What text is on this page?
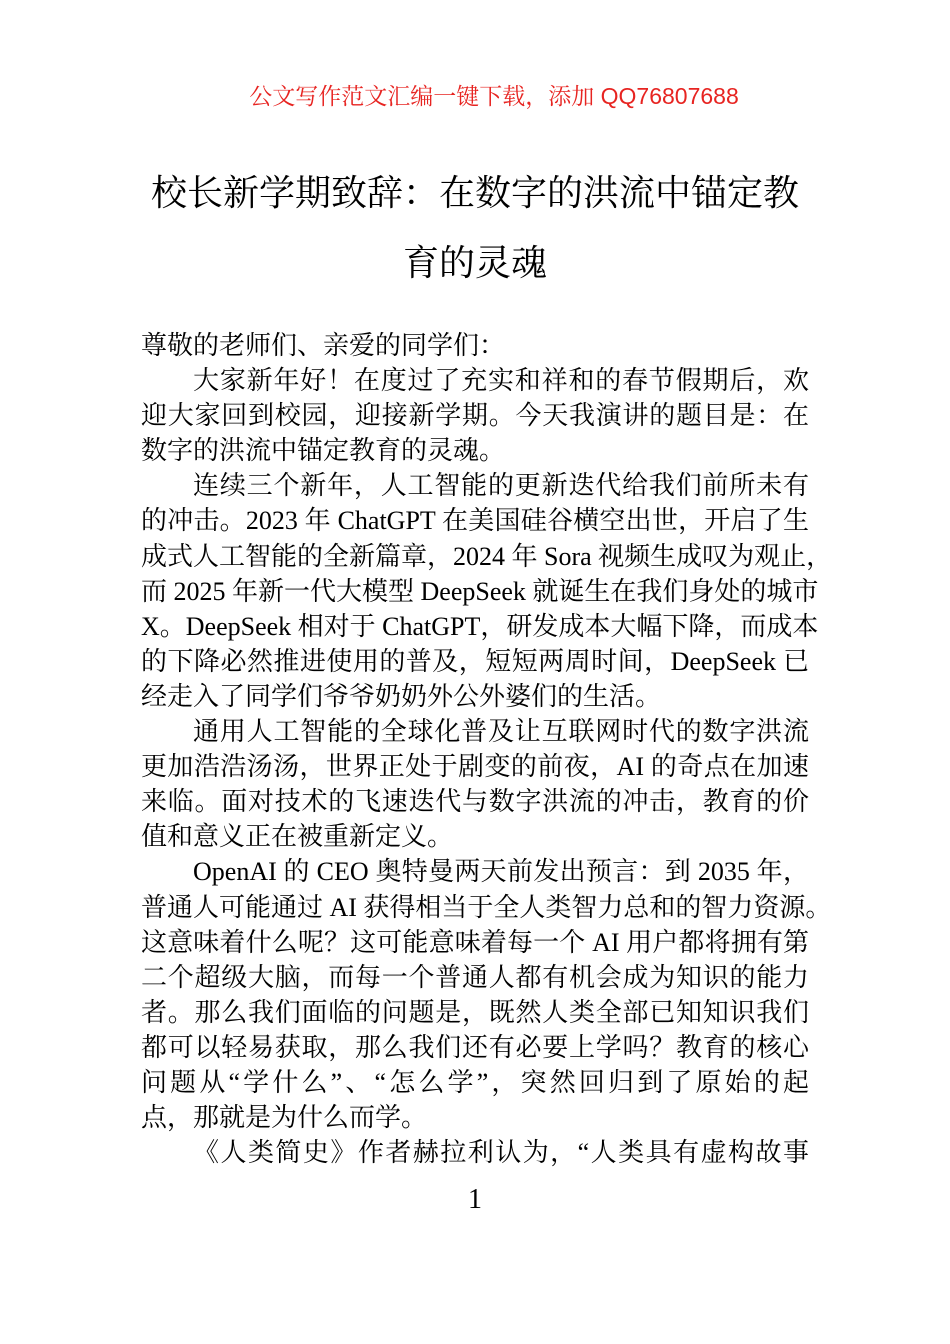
公文写作范文汇编一键下载，添加 QQ76807688
校长新学期致辞：在数字的洪流中锚定教
育的灵魂
尊敬的老师们、亲爱的同学们：
大家新年好！在度过了充实和祥和的春节假期后，欢
迎大家回到校园，迎接新学期。今天我演讲的题目是：在
数字的洪流中锚定教育的灵魂。
连续三个新年，人工智能的更新迭代给我们前所未有
的冲击。2023 年 ChatGPT 在美国硅谷横空出世，开启了生
成式人工智能的全新篇章，2024 年 Sora 视频生成叹为观止，
而 2025 年新一代大模型 DeepSeek 就诞生在我们身处的城市
X。DeepSeek 相对于 ChatGPT，研发成本大幅下降，而成本
的下降必然推进使用的普及，短短两周时间，DeepSeek 已
经走入了同学们爷爷奶奶外公外婆们的生活。
通用人工智能的全球化普及让互联网时代的数字洪流
更加浩浩汤汤，世界正处于剧变的前夜，AI 的奇点在加速
来临。面对技术的飞速迭代与数字洪流的冲击，教育的价
值和意义正在被重新定义。
OpenAI 的 CEO 奥特曼两天前发出预言：到 2035 年，
普通人可能通过 AI 获得相当于全人类智力总和的智力资源。
这意味着什么呢？这可能意味着每一个 AI 用户都将拥有第
二个超级大脑，而每一个普通人都有机会成为知识的能力
者。那么我们面临的问题是，既然人类全部已知知识我们
都可以轻易获取，那么我们还有必要上学吗？教育的核心
问题从“学什么”、“怎么学”，突然回归到了原始的起
点，那就是为什么而学。
《人类简史》作者赫拉利认为，“人类具有虚构故事
1
